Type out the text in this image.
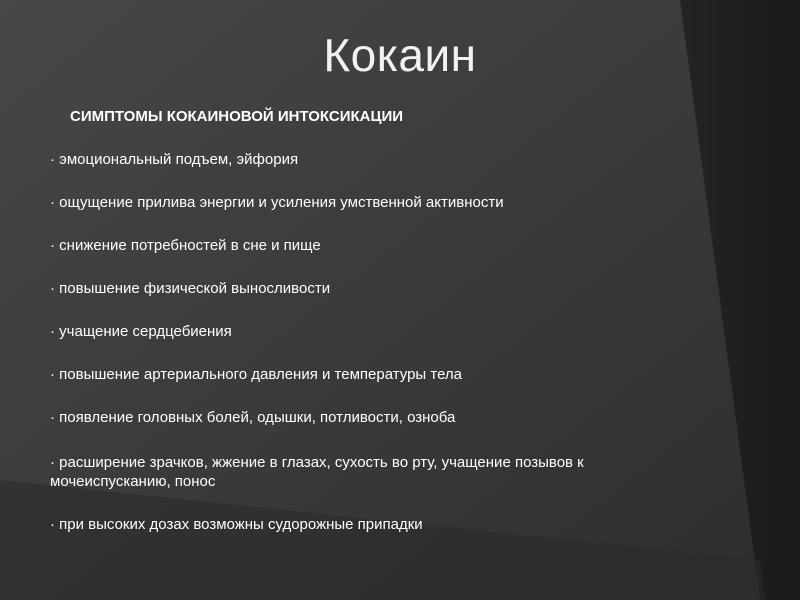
Кокаин

СИМПТОМЫ КОКАИНОВОЙ ИНТОКСИКАЦИИ

· эмоциональный подъем, эйфория
· ощущение прилива энергии и усиления умственной активности
· снижение потребностей в сне и пище
· повышение физической выносливости
· учащение сердцебиения
· повышение артериального давления и температуры тела
· появление головных болей, одышки, потливости, озноба
· расширение зрачков, жжение в глазах, сухость во рту, учащение позывов к мочеиспусканию, понос
· при высоких дозах возможны судорожные припадки
